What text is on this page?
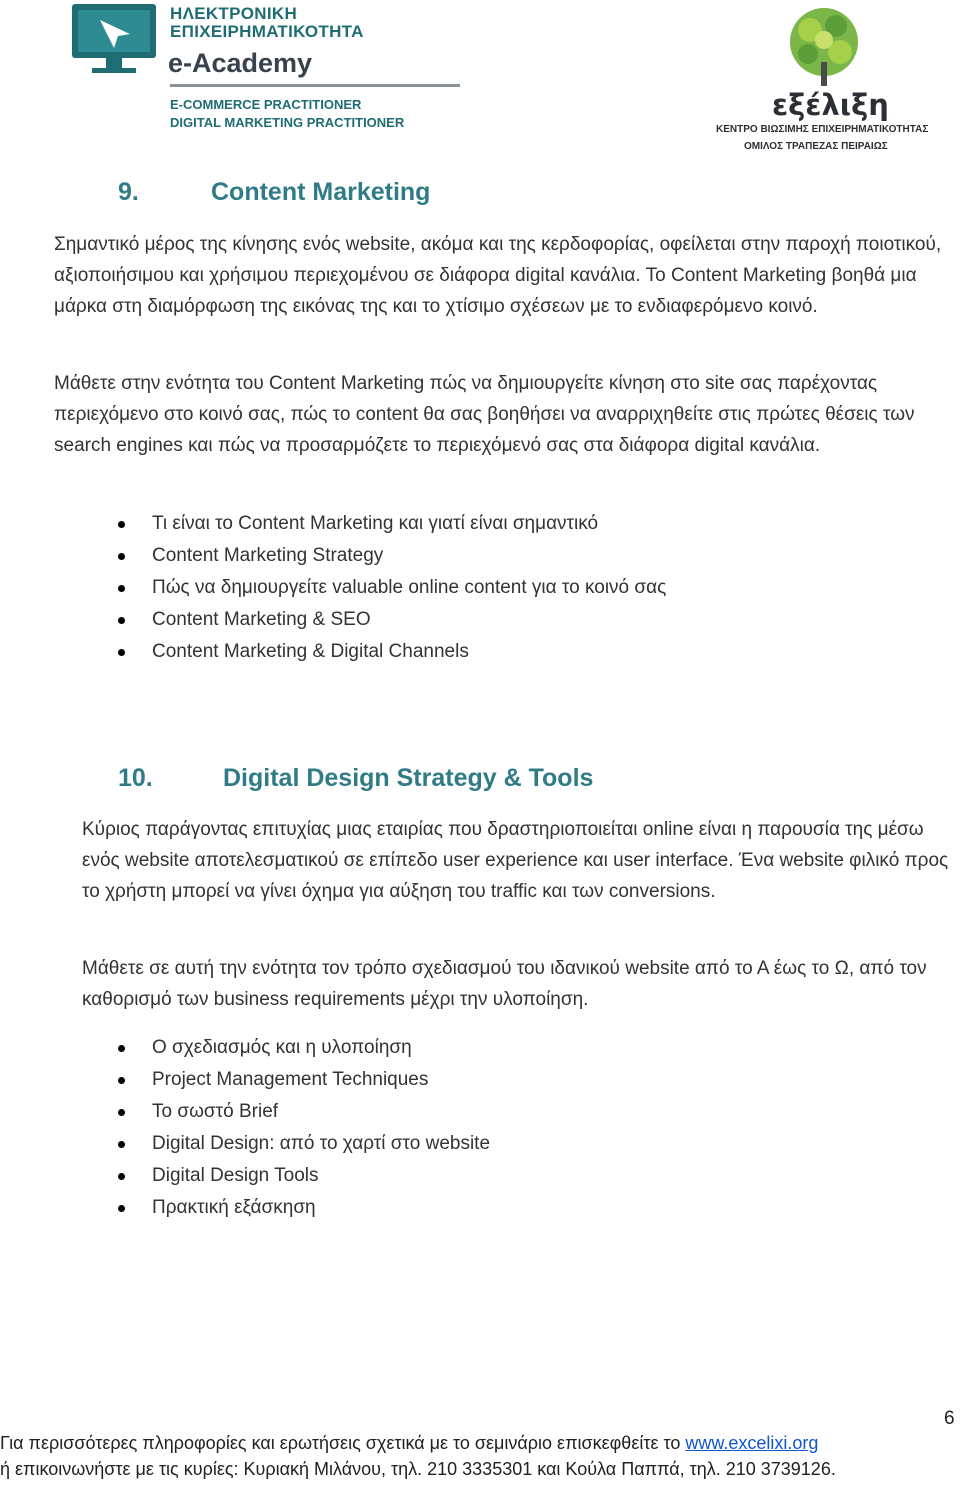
ΗΛΕΚΤΡΟΝΙΚΗ
ΕΠΙΧΕΙΡΗΜΑΤΙΚΟΤΗΤΑ
e-Academy
E-COMMERCE PRACTITIONER
DIGITAL MARKETING PRACTITIONER
εξέλιξη
ΚΕΝΤΡΟ ΒΙΩΣΙΜΗΣ ΕΠΙΧΕΙΡΗΜΑΤΙΚΟΤΗΤΑΣ
ΟΜΙΛΟΣ ΤΡΑΠΕΖΑΣ ΠΕΙΡΑΙΩΣ
9.	Content Marketing

Σημαντικό μέρος της κίνησης ενός website, ακόμα και της κερδοφορίας, οφείλεται στην παροχή ποιοτικού, αξιοποιήσιμου και χρήσιμου περιεχομένου σε διάφορα digital κανάλια. Το Content Marketing βοηθά μια μάρκα στη διαμόρφωση της εικόνας της και το χτίσιμο σχέσεων με το ενδιαφερόμενο κοινό.

Μάθετε στην ενότητα του Content Marketing πώς να δημιουργείτε κίνηση στο site σας παρέχοντας περιεχόμενο στο κοινό σας, πώς το content θα σας βοηθήσει να αναρριχηθείτε στις πρώτες θέσεις των search engines και πώς να προσαρμόζετε το περιεχόμενό σας στα διάφορα digital κανάλια.

Τι είναι το Content Marketing και γιατί είναι σημαντικό
Content Marketing Strategy
Πώς να δημιουργείτε valuable online content για το κοινό σας
Content Marketing & SEO
Content Marketing & Digital Channels
10.	Digital Design Strategy & Tools

Κύριος παράγοντας επιτυχίας μιας εταιρίας που δραστηριοποιείται online είναι η παρουσία της μέσω ενός website αποτελεσματικού σε επίπεδο user experience και user interface. Ένα website φιλικό προς το χρήστη μπορεί να γίνει όχημα για αύξηση του traffic και των conversions.

Μάθετε σε αυτή την ενότητα τον τρόπο σχεδιασμού του ιδανικού website από το Α έως το Ω, από τον καθορισμό των business requirements μέχρι την υλοποίηση.

Ο σχεδιασμός και η υλοποίηση
Project Management Techniques
Το σωστό Brief
Digital Design: από το χαρτί στο website
Digital Design Tools
Πρακτική εξάσκηση
6
Για περισσότερες πληροφορίες και ερωτήσεις σχετικά με το σεμινάριο επισκεφθείτε το www.excelixi.org
ή επικοινωνήστε με τις κυρίες: Κυριακή Μιλάνου, τηλ. 210 3335301 και Κούλα Παππά, τηλ. 210 3739126.
